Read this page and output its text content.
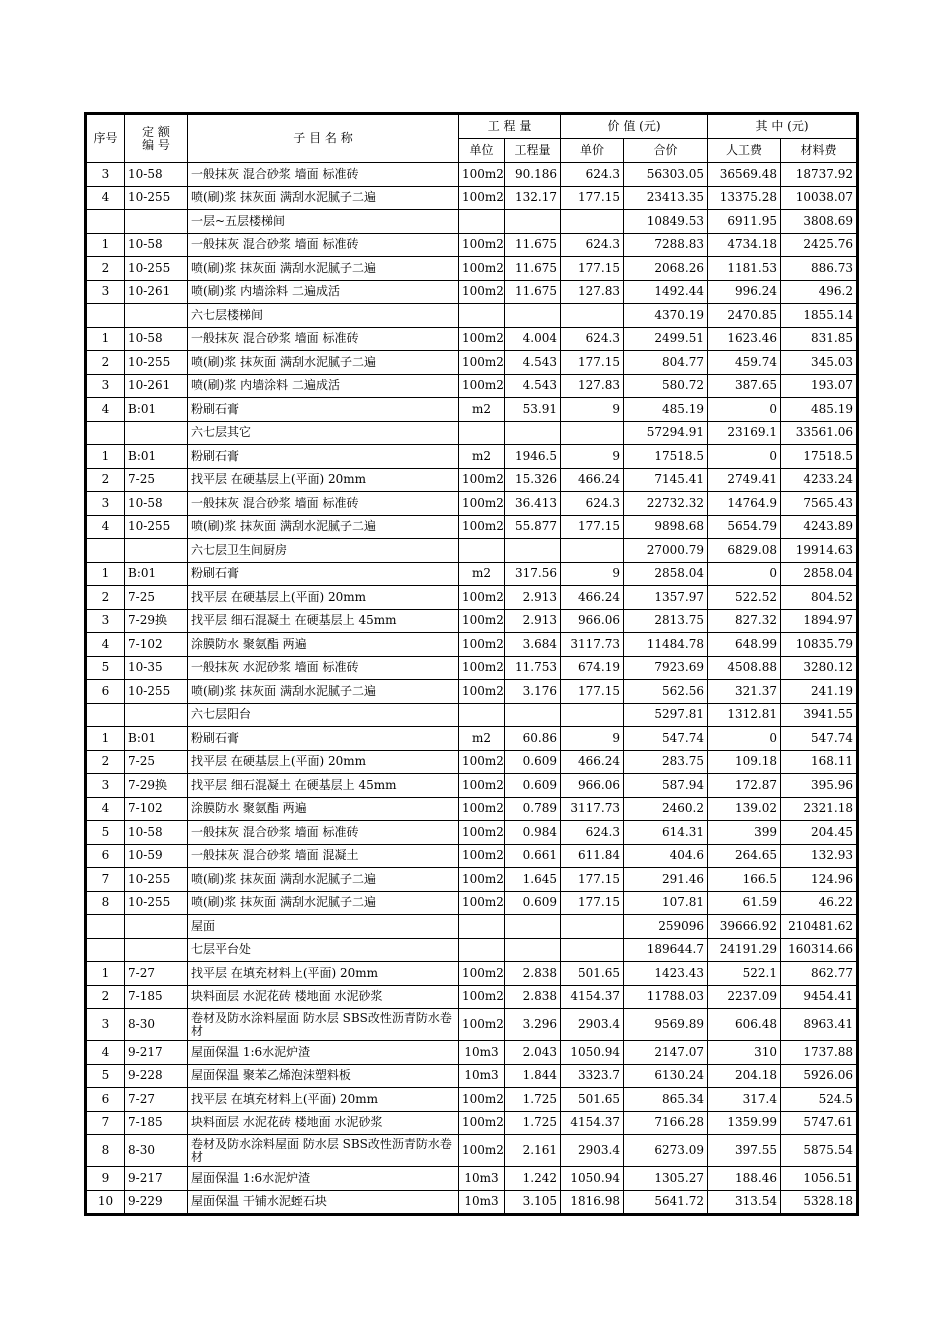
序号	定 额
编 号	子 目 名 称	工 程 量		价 值 (元)		其 中 (元)	
			单位	工程量	单价	合价	人工费	材料费
3	10-58	一般抹灰 混合砂浆 墙面 标准砖	100m2	90.186	624.3	56303.05	36569.48	18737.92
4	10-255	喷(刷)浆 抹灰面 满刮水泥腻子二遍	100m2	132.17	177.15	23413.35	13375.28	10038.07
		一层~五层楼梯间				10849.53	6911.95	3808.69
1	10-58	一般抹灰 混合砂浆 墙面 标准砖	100m2	11.675	624.3	7288.83	4734.18	2425.76
2	10-255	喷(刷)浆 抹灰面 满刮水泥腻子二遍	100m2	11.675	177.15	2068.26	1181.53	886.73
3	10-261	喷(刷)浆 内墙涂料 二遍成活	100m2	11.675	127.83	1492.44	996.24	496.2
		六七层楼梯间				4370.19	2470.85	1855.14
1	10-58	一般抹灰 混合砂浆 墙面 标准砖	100m2	4.004	624.3	2499.51	1623.46	831.85
2	10-255	喷(刷)浆 抹灰面 满刮水泥腻子二遍	100m2	4.543	177.15	804.77	459.74	345.03
3	10-261	喷(刷)浆 内墙涂料 二遍成活	100m2	4.543	127.83	580.72	387.65	193.07
4	B:01	粉刷石膏	m2	53.91	9	485.19	0	485.19
		六七层其它				57294.91	23169.1	33561.06
1	B:01	粉刷石膏	m2	1946.5	9	17518.5	0	17518.5
2	7-25	找平层 在硬基层上(平面) 20mm	100m2	15.326	466.24	7145.41	2749.41	4233.24
3	10-58	一般抹灰 混合砂浆 墙面 标准砖	100m2	36.413	624.3	22732.32	14764.9	7565.43
4	10-255	喷(刷)浆 抹灰面 满刮水泥腻子二遍	100m2	55.877	177.15	9898.68	5654.79	4243.89
		六七层卫生间厨房				27000.79	6829.08	19914.63
1	B:01	粉刷石膏	m2	317.56	9	2858.04	0	2858.04
2	7-25	找平层 在硬基层上(平面) 20mm	100m2	2.913	466.24	1357.97	522.52	804.52
3	7-29换	找平层 细石混凝土 在硬基层上 45mm	100m2	2.913	966.06	2813.75	827.32	1894.97
4	7-102	涂膜防水 聚氨酯 两遍	100m2	3.684	3117.73	11484.78	648.99	10835.79
5	10-35	一般抹灰 水泥砂浆 墙面 标准砖	100m2	11.753	674.19	7923.69	4508.88	3280.12
6	10-255	喷(刷)浆 抹灰面 满刮水泥腻子二遍	100m2	3.176	177.15	562.56	321.37	241.19
		六七层阳台				5297.81	1312.81	3941.55
1	B:01	粉刷石膏	m2	60.86	9	547.74	0	547.74
2	7-25	找平层 在硬基层上(平面) 20mm	100m2	0.609	466.24	283.75	109.18	168.11
3	7-29换	找平层 细石混凝土 在硬基层上 45mm	100m2	0.609	966.06	587.94	172.87	395.96
4	7-102	涂膜防水 聚氨酯 两遍	100m2	0.789	3117.73	2460.2	139.02	2321.18
5	10-58	一般抹灰 混合砂浆 墙面 标准砖	100m2	0.984	624.3	614.31	399	204.45
6	10-59	一般抹灰 混合砂浆 墙面 混凝土	100m2	0.661	611.84	404.6	264.65	132.93
7	10-255	喷(刷)浆 抹灰面 满刮水泥腻子二遍	100m2	1.645	177.15	291.46	166.5	124.96
8	10-255	喷(刷)浆 抹灰面 满刮水泥腻子二遍	100m2	0.609	177.15	107.81	61.59	46.22
		屋面				259096	39666.92	210481.62
		七层平台处				189644.7	24191.29	160314.66
1	7-27	找平层 在填充材料上(平面) 20mm	100m2	2.838	501.65	1423.43	522.1	862.77
2	7-185	块料面层 水泥花砖 楼地面 水泥砂浆	100m2	2.838	4154.37	11788.03	2237.09	9454.41
3	8-30	卷材及防水涂料屋面 防水层 SBS改性沥青防水卷材	100m2	3.296	2903.4	9569.89	606.48	8963.41
4	9-217	屋面保温 1:6水泥炉渣	10m3	2.043	1050.94	2147.07	310	1737.88
5	9-228	屋面保温 聚苯乙烯泡沫塑料板	10m3	1.844	3323.7	6130.24	204.18	5926.06
6	7-27	找平层 在填充材料上(平面) 20mm	100m2	1.725	501.65	865.34	317.4	524.5
7	7-185	块料面层 水泥花砖 楼地面 水泥砂浆	100m2	1.725	4154.37	7166.28	1359.99	5747.61
8	8-30	卷材及防水涂料屋面 防水层 SBS改性沥青防水卷材	100m2	2.161	2903.4	6273.09	397.55	5875.54
9	9-217	屋面保温 1:6水泥炉渣	10m3	1.242	1050.94	1305.27	188.46	1056.51
10	9-229	屋面保温 干铺水泥蛭石块	10m3	3.105	1816.98	5641.72	313.54	5328.18
